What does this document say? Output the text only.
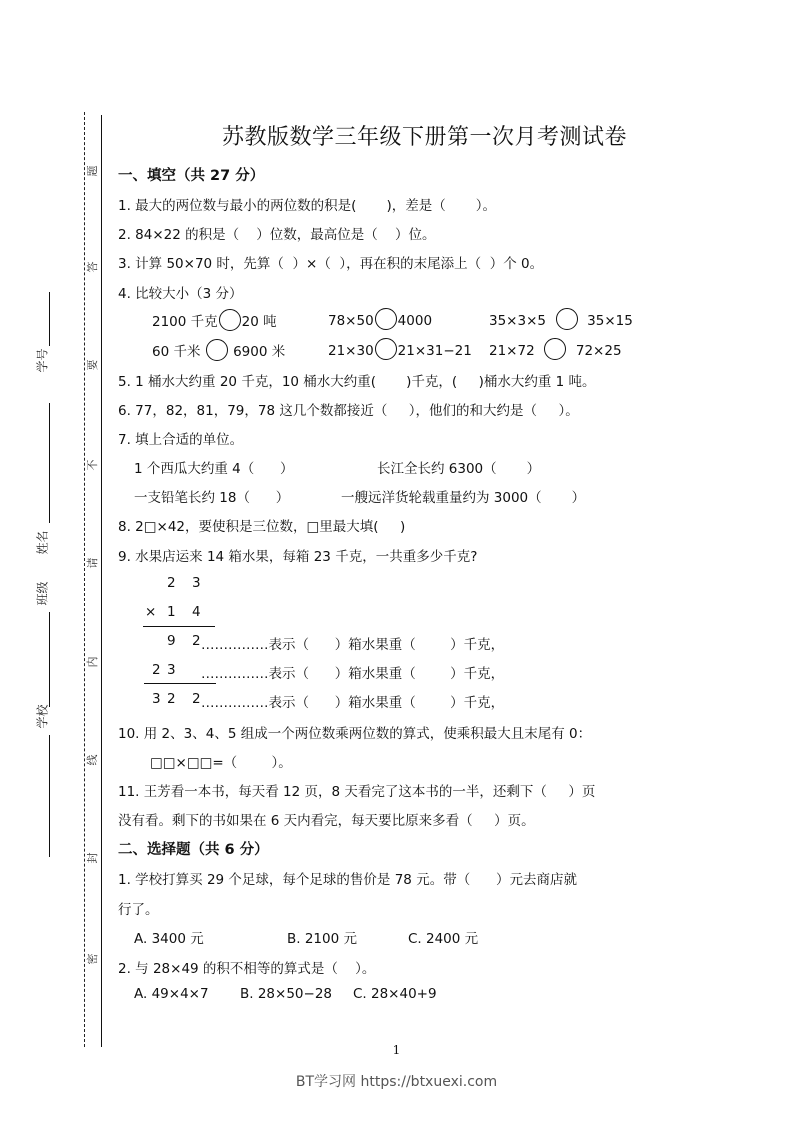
题
答
要
不
请
内
线
封
密
学号
姓名
班级
学校
苏教版数学三年级下册第一次月考测试卷
一、填空（共 27 分）
1. 最大的两位数与最小的两位数的积是(       )，差是（       ）。
2. 84×22 的积是（    ）位数，最高位是（    ）位。
3. 计算 50×70 时，先算（  ）×（  ），再在积的末尾添上（  ）个 0。
4. 比较大小（3 分）
2100 千克 20 吨	78×50 4000	35×3×5	35×15
60 千米 6900 米	21×30 21×31−21 21×72	72×25
5. 1 桶水大约重 20 千克，10 桶水大约重(       )千克，(     )桶水大约重 1 吨。
6. 77，82，81，79，78 这几个数都接近（     ），他们的和大约是（     ）。
7. 填上合适的单位。
1 个西瓜大约重 4（      ）	长江全长约 6300（       ）
一支铅笔长约 18（      ）	一艘远洋货轮载重量约为 3000（       ）
8. 2□×42，要使积是三位数，□里最大填(     )
9. 水果店运来 14 箱水果，每箱 23 千克，一共重多少千克?
2 3
× 1 4
9 2 ……………表示（      ）箱水果重（        ）千克，
2 3 ……………表示（      ）箱水果重（        ）千克，
3 2 2 ……………表示（      ）箱水果重（        ）千克，
10. 用 2、3、4、5 组成一个两位数乘两位数的算式，使乘积最大且末尾有 0：
□□×□□=（        ）。
11. 王芳看一本书，每天看 12 页，8 天看完了这本书的一半，还剩下（     ）页
没有看。剩下的书如果在 6 天内看完，每天要比原来多看（     ）页。
二、选择题（共 6 分）
1. 学校打算买 29 个足球，每个足球的售价是 78 元。带（      ）元去商店就
行了。
A. 3400 元	B. 2100 元	C. 2400 元
2. 与 28×49 的积不相等的算式是（    ）。
A. 49×4×7 B. 28×50−28 C. 28×40+9
1
BT学习网 https://btxuexi.com
